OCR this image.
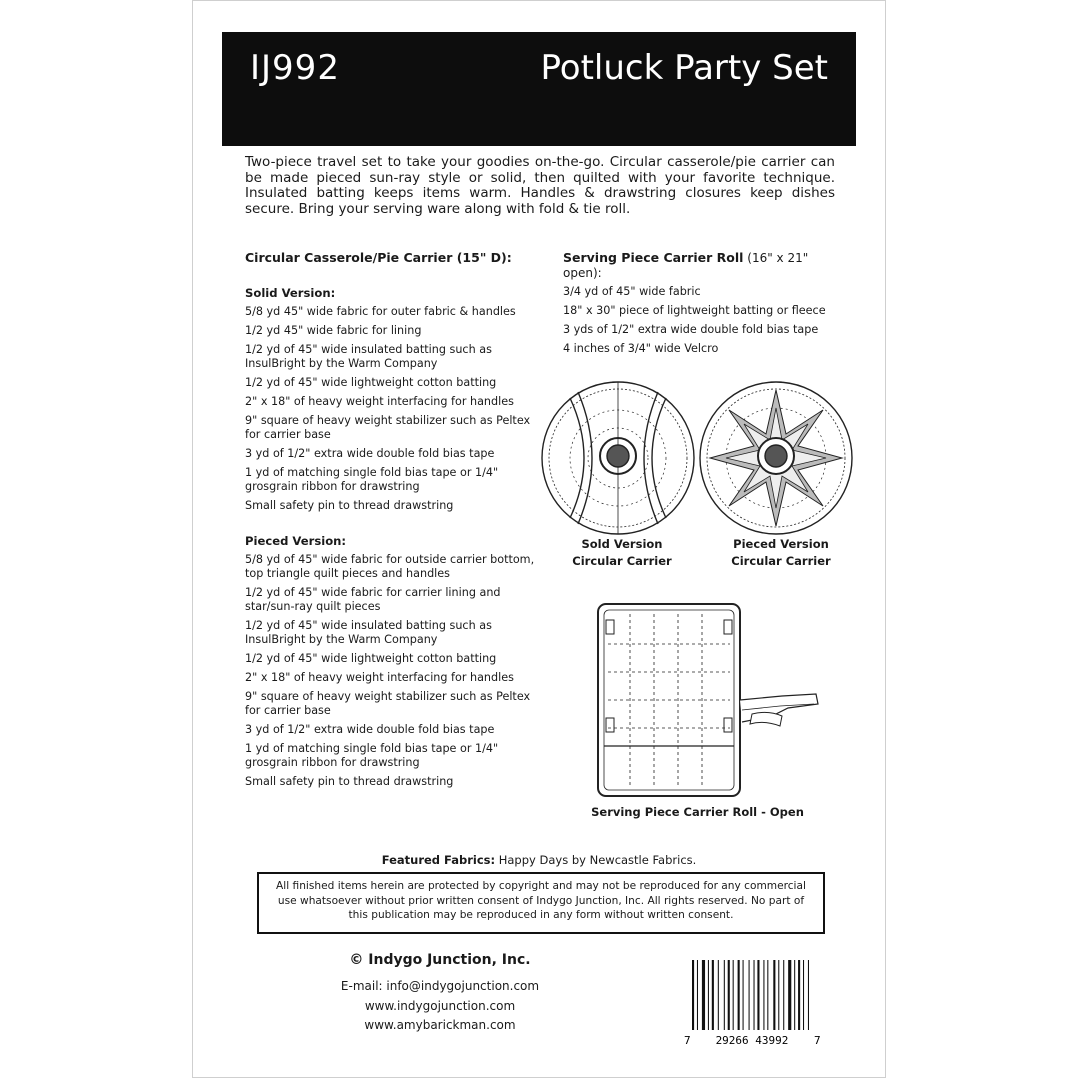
IJ992	Potluck Party Set
Two-piece travel set to take your goodies on-the-go. Circular casserole/pie carrier can be made pieced sun-ray style or solid, then quilted with your favorite technique. Insulated batting keeps items warm. Handles & drawstring closures keep dishes secure. Bring your serving ware along with fold & tie roll.
Circular Casserole/Pie Carrier (15" D):
Solid Version:
5/8 yd 45" wide fabric for outer fabric & handles
1/2 yd 45" wide fabric for lining
1/2 yd of 45" wide insulated batting such as InsulBright by the Warm Company
1/2 yd of 45" wide lightweight cotton batting
2" x 18" of heavy weight interfacing for handles
9" square of heavy weight stabilizer such as Peltex for carrier base
3 yd of 1/2" extra wide double fold bias tape
1 yd of matching single fold bias tape or 1/4" grosgrain ribbon for drawstring
Small safety pin to thread drawstring
Pieced Version:
5/8 yd of 45" wide fabric for outside carrier bottom, top triangle quilt pieces and handles
1/2 yd of 45" wide fabric for carrier lining and star/sun-ray quilt pieces
1/2 yd of 45" wide insulated batting such as InsulBright by the Warm Company
1/2 yd of 45" wide lightweight cotton batting
2" x 18" of heavy weight interfacing for handles
9" square of heavy weight stabilizer such as Peltex for carrier base
3 yd of 1/2" extra wide double fold bias tape
1 yd of matching single fold bias tape or 1/4" grosgrain ribbon for drawstring
Small safety pin to thread drawstring
Serving Piece Carrier Roll (16" x 21" open):
3/4 yd of 45" wide fabric
18" x 30" piece of lightweight batting or fleece
3 yds of 1/2" extra wide double fold bias tape
4 inches of 3/4" wide Velcro
Sold Version
Circular Carrier
Pieced Version
Circular Carrier
Serving Piece Carrier Roll - Open
Featured Fabrics: Happy Days by Newcastle Fabrics.
All finished items herein are protected by copyright and may not be reproduced for any commercial use whatsoever without prior written consent of Indygo Junction, Inc. All rights reserved. No part of this publication may be reproduced in any form without written consent.
© Indygo Junction, Inc.
E-mail: info@indygojunction.com
www.indygojunction.com
www.amybarickman.com
7 29266 43992 7
